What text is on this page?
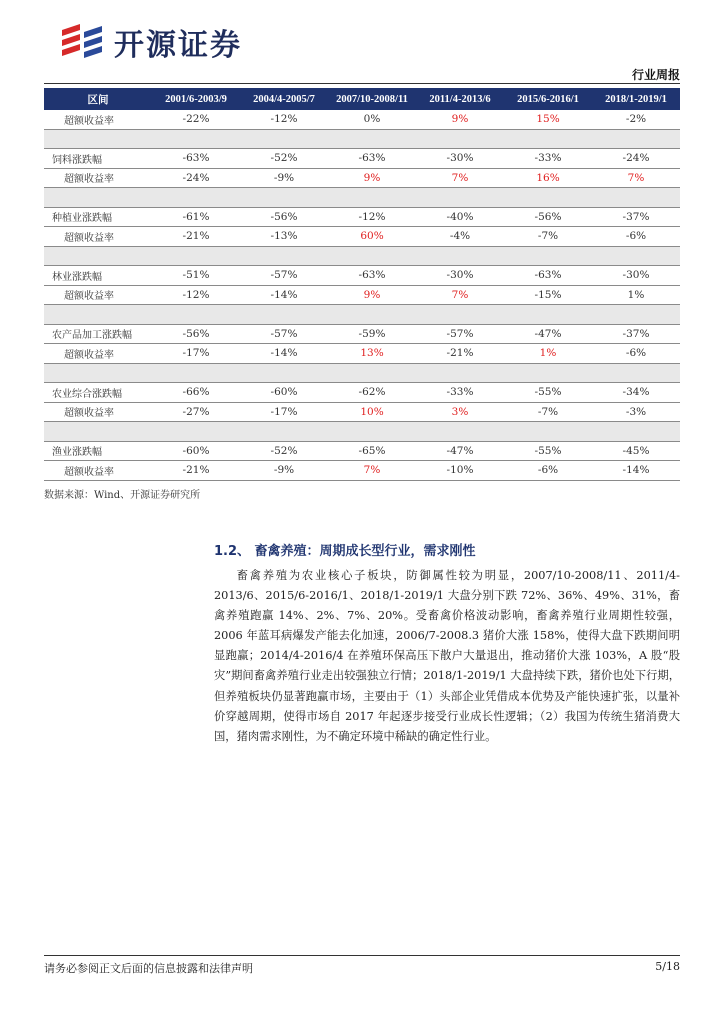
开源证券
行业周报
区间	2001/6-2003/9	2004/4-2005/7	2007/10-2008/11	2011/4-2013/6	2015/6-2016/1	2018/1-2019/1
超额收益率	-22%	-12%	0%	9%	15%	-2%

饲料涨跌幅	-63%	-52%	-63%	-30%	-33%	-24%
超额收益率	-24%	-9%	9%	7%	16%	7%

种植业涨跌幅	-61%	-56%	-12%	-40%	-56%	-37%
超额收益率	-21%	-13%	60%	-4%	-7%	-6%

林业涨跌幅	-51%	-57%	-63%	-30%	-63%	-30%
超额收益率	-12%	-14%	9%	7%	-15%	1%

农产品加工涨跌幅	-56%	-57%	-59%	-57%	-47%	-37%
超额收益率	-17%	-14%	13%	-21%	1%	-6%

农业综合涨跌幅	-66%	-60%	-62%	-33%	-55%	-34%
超额收益率	-27%	-17%	10%	3%	-7%	-3%

渔业涨跌幅	-60%	-52%	-65%	-47%	-55%	-45%
超额收益率	-21%	-9%	7%	-10%	-6%	-14%
数据来源：Wind、开源证券研究所
1.2、 畜禽养殖：周期成长型行业，需求刚性
畜禽养殖为农业核心子板块，防御属性较为明显，2007/10-2008/11、2011/4-2013/6、2015/6-2016/1、2018/1-2019/1 大盘分别下跌 72%、36%、49%、31%，畜禽养殖跑赢 14%、2%、7%、20%。受畜禽价格波动影响，畜禽养殖行业周期性较强，2006 年蓝耳病爆发产能去化加速，2006/7-2008.3 猪价大涨 158%，使得大盘下跌期间明显跑赢；2014/4-2016/4 在养殖环保高压下散户大量退出，推动猪价大涨 103%，A 股“股灾”期间畜禽养殖行业走出较强独立行情；2018/1-2019/1 大盘持续下跌，猪价也处下行期，但养殖板块仍显著跑赢市场，主要由于（1）头部企业凭借成本优势及产能快速扩张，以量补价穿越周期，使得市场自 2017 年起逐步接受行业成长性逻辑；（2）我国为传统生猪消费大国，猪肉需求刚性，为不确定环境中稀缺的确定性行业。
请务必参阅正文后面的信息披露和法律声明	5/18
